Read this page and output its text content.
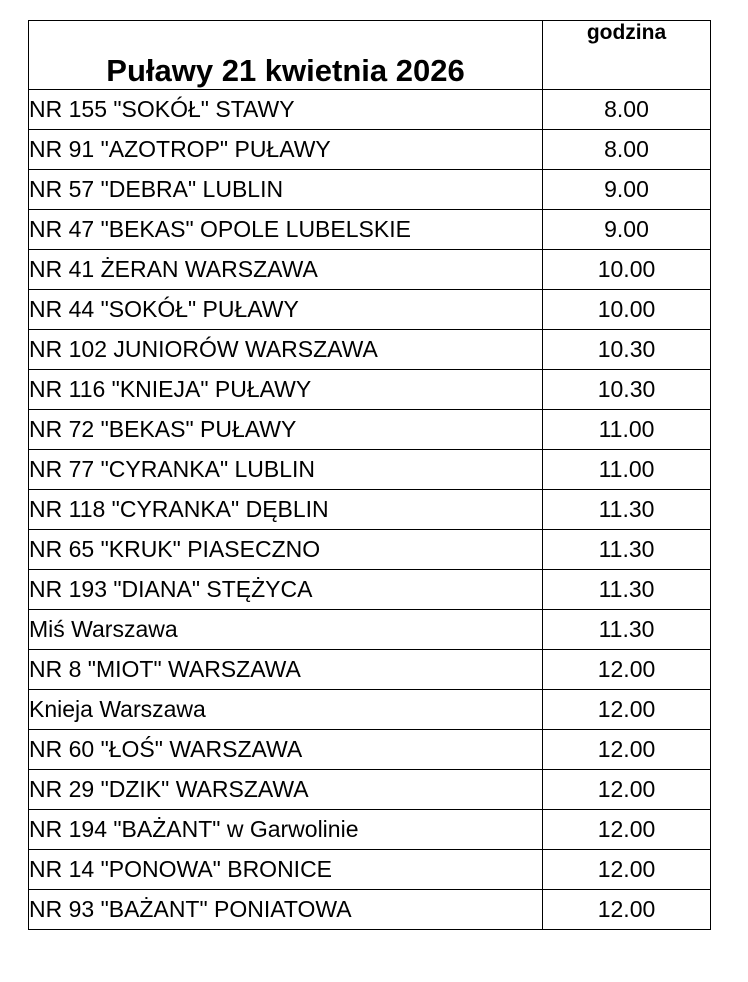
Puławy 21 kwietnia 2026	godzina
NR 155 "SOKÓŁ" STAWY	8.00
NR 91 "AZOTROP" PUŁAWY	8.00
NR 57 "DEBRA" LUBLIN	9.00
NR 47 "BEKAS" OPOLE LUBELSKIE	9.00
NR 41 ŻERAN WARSZAWA	10.00
NR 44 "SOKÓŁ" PUŁAWY	10.00
NR 102 JUNIORÓW WARSZAWA	10.30
NR 116 "KNIEJA" PUŁAWY	10.30
NR 72 "BEKAS" PUŁAWY	11.00
NR 77 "CYRANKA" LUBLIN	11.00
NR 118 "CYRANKA" DĘBLIN	11.30
NR 65 "KRUK" PIASECZNO	11.30
NR 193 "DIANA" STĘŻYCA	11.30
Miś Warszawa	11.30
NR 8 "MIOT" WARSZAWA	12.00
Knieja Warszawa	12.00
NR 60 "ŁOŚ" WARSZAWA	12.00
NR 29 "DZIK" WARSZAWA	12.00
NR 194 "BAŻANT" w Garwolinie	12.00
NR 14 "PONOWA" BRONICE	12.00
NR 93 "BAŻANT" PONIATOWA	12.00
